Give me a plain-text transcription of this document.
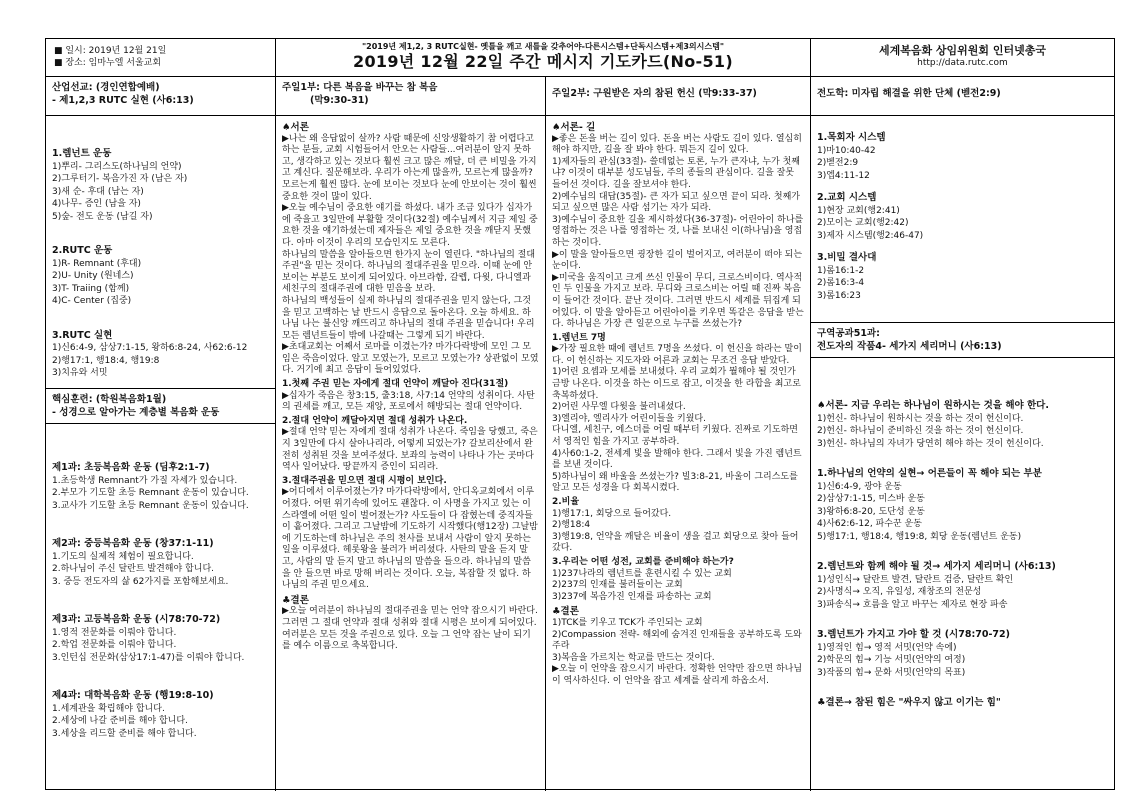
■ 일시: 2019년 12월 21일
■ 장소: 임마누엘 서울교회
"2019년 제1,2, 3 RUTC실현- 옛틀을 깨고 새틀을 갖추어야-다른시스템+단독시스템+제3의시스템"
2019년 12월 22일 주간 메시지 기도카드(No-51)
세계복음화 상임위원회 인터넷총국
http://data.rutc.com
산업선교: (경인연합예배)
- 제1,2,3 RUTC 실현 (사6:13)
주일1부: 다른 복음을 바꾸는 참 복음
(막9:30-31)
주일2부: 구원받은 자의 참된 헌신 (막9:33-37)	전도학: 미자립 해결을 위한 단체 (벧전2:9)
1.렘넌트 운동
1)뿌리- 그리스도(하나님의 언약)
2)그루터기- 복음가진 자 (남은 자)
3)새 순- 후대 (남는 자)
4)나무- 증인 (남을 자)
5)숲- 전도 운동 (남길 자)
2.RUTC 운동
1)R- Remnant (후대)
2)U- Unity (원네스)
3)T- Traiing (함께)
4)C- Center (집중)
3.RUTC 실현
1)신6:4-9, 삼상7:1-15, 왕하6:8-24, 사62:6-12
2)행17:1, 행18:4, 행19:8
3)치유와 서밋
핵심훈련: (학원복음화1월)
- 성경으로 알아가는 계층별 복음화 운동
제1과: 초등복음화 운동 (딤후2:1-7)
1.초등학생 Remnant가 가질 자세가 있습니다.
2.부모가 기도할 초등 Remnant 운동이 있습니다.
3.교사가 기도할 초등 Remnant 운동이 있습니다.
제2과: 중등복음화 운동 (창37:1-11)
1.기도의 실제적 체험이 필요합니다.
2.하나님이 주신 달란트 발견해야 합니다.
3. 중등 전도자의 삶 62가지를 포함해보세요.
제3과: 고등복음화 운동 (시78:70-72)
1.영적 전문화를 이뤄야 합니다.
2.학업 전문화를 이뤄야 합니다.
3.인턴십 전문화(삼상17:1-47)를 이뤄야 합니다.
제4과: 대학복음화 운동 (행19:8-10)
1.세계관을 확립해야 합니다.
2.세상에 나갈 준비를 해야 합니다.
3.세상을 리드할 준비를 해야 합니다.
♠서론
▶나는 왜 응답없이 살까? 사람 때문에 신앙생활하기 참 어렵다고 하는 분들, 교회 시험들어서 안오는 사람들...여러분이 알지 못하고, 생각하고 있는 것보다 훨씬 크고 많은 깨달, 더 큰 비밀을 가지고 계신다. 질문해보라. 우리가 아는게 많을까, 모르는게 많을까? 모르는게 훨씬 많다. 눈에 보이는 것보다 눈에 안보이는 것이 훨씬 중요한 것이 많이 있다.
▶오늘 예수님이 중요한 얘기를 하셨다. 내가 조금 있다가 십자가에 죽을고 3일만에 부활할 것이다(32절) 예수님께서 지금 제일 중요한 것을 얘기하셨는데 제자들은 제일 중요한 것을 깨닫지 못했다. 아마 이것이 우리의 모습인지도 모른다.
하나님의 말씀을 알아들으면 한가지 눈이 열린다. "하나님의 절대주권"을 믿는 것이다. 하나님의 절대주권을 믿으라. 이때 눈에 안보이는 부분도 보이게 되어있다. 아브라함, 갈렙, 다윗, 다니엘과 세친구의 절대주권에 대한 믿음을 보라.
하나님의 백성들이 실제 하나님의 절대주권을 믿지 않는다, 그것을 믿고 고백하는 날 반드시 응답으로 돌아온다. 오늘 하세요. 하나님 나는 불신앙 깨뜨리고 하나님의 절대 주권을 믿습니다! 우리 모든 렘넌트들이 밖에 나갈때는 그렇게 되기 바란다.
▶초대교회는 어째서 로마를 이겼는가? 마가다락방에 모인 그 모임은 죽음이었다. 알고 모였는가, 모르고 모였는가? 상관없이 모였다. 거기에 최고 응답이 들어있었다.
1.첫째 주권 믿는 자에게 절대 언약이 깨달아 진다(31절)
▶십자가 죽음은 창3:15, 출3:18, 사7:14 언약의 성취이다. 사탄의 권세를 깨고, 모든 재앙, 포로에서 해방되는 절대 언약이다.
2.절대 언약이 깨달아지면 절대 성취가 나온다.
▶절대 언약 믿는 자에게 절대 성취가 나온다. 죽임을 당했고, 죽은지 3일만에 다시 살아나리라, 어떻게 되었는가? 갈보리산에서 완전히 성취된 것을 보여주셨다. 보좌의 능력이 나타나 가는 곳마다 역사 일어났다. 땅끝까지 증인이 되리라.
3.절대주권을 믿으면 절대 시평이 보인다.
▶어디에서 이루어졌는가? 마가다락방에서, 안디옥교회에서 이루어졌다. 어떤 위기속에 있어도 괜찮다. 이 사명을 가지고 있는 이스라엘에 어떤 일이 벌어졌는가? 사도들이 다 잡혔는데 중직자들이 흩어졌다. 그리고 그날밤에 기도하기 시작했다(행12장) 그날밤에 기도하는데 하나님은 주의 천사를 보내서 사람이 알지 못하는 일을 이루셨다. 헤롯왕을 불러가 버리셨다. 사탄의 말을 듣지 말고, 사람의 말 듣지 말고 하나님의 말씀을 들으라. 하나님의 말씀을 안 들으면 바로 망해 버리는 것이다. 오늘, 복잡할 것 없다. 하나님의 주권 믿으세요.
♣결론
▶오늘 여러분이 하나님의 절대주권을 믿는 언약 잡으시기 바란다. 그러면 그 절대 언약과 절대 성취와 절대 시평은 보이게 되어있다. 여러분은 모든 것을 주권으로 있다. 오늘 그 언약 잡는 날이 되기를 예수 이름으로 축복합니다.
♠서론- 길
▶좋은 돈을 버는 길이 있다. 돈을 버는 사람도 길이 있다. 열심히 해야 하지만, 길을 잘 봐야 한다. 뭐든지 길이 있다.
1)제자들의 관심(33절)- 쓸데없는 토론, 누가 큰자냐, 누가 첫째냐? 이것이 대부분 성도님들, 주의 종들의 관심이다. 길을 잘못 들어선 것이다. 길을 잘보셔야 한다.
2)예수님의 대답(35절)- 큰 자가 되고 싶으면 끝이 되라. 첫째가 되고 싶으면 많은 사람 섬기는 자가 되라.
3)예수님이 중요한 길을 제시하셨다(36-37절)- 어린아이 하나를 영접하는 것은 나를 영접하는 것, 나를 보내신 이(하나님)을 영접하는 것이다.
▶이 말을 알아들으면 굉장한 길이 벌어지고, 여러분이 떠야 되는 눈이다.
▶미국을 움직이고 크게 쓰신 인물이 무디, 크로스비이다. 역사적인 두 인물을 가지고 보라. 무디와 크로스비는 어릴 때 진짜 복음이 들어간 것이다. 끝난 것이다. 그러면 반드시 세계를 뒤집게 되어있다. 이 말을 알아듣고 어린아이를 키우면 똑같은 응답을 받는다. 하나님은 가장 큰 일꾼으로 누구를 쓰셨는가?
1.렘넌트 7명
▶가장 필요한 때에 렘넌트 7명을 쓰셨다. 이 헌신을 하라는 말이다. 이 헌신하는 지도자와 어른과 교회는 무조건 응답 받았다.
1)어린 요셉과 모세를 보내셨다. 우리 교회가 뭘해야 될 것인가 금방 나온다. 이것을 하는 이드로 잡고, 이것을 한 라합을 최고로 축복하셨다.
2)어린 사무엘 다윗을 불러내셨다.
3)엘리야, 엘리사가 어린이들을 키웠다.
다니엘, 세친구, 에스더를 어릴 때부터 키웠다. 진짜로 기도하면서 영적인 힘을 가지고 공부하라.
4)사60:1-2, 전세계 빛을 발해야 한다. 그래서 빛을 가진 렘넌트를 보낸 것이다.
5)하나님이 왜 바울을 쓰셨는가? 빌3:8-21, 바울이 그리스도를 알고 모든 성경을 다 회복시켰다.
2.비율
1)행17:1, 회당으로 들어갔다.
2)행18:4
3)행19:8, 언약을 깨달은 비율이 생을 걸고 회당으로 찾아 들어갔다.
3.우리는 어떤 성전, 교회를 준비해야 하는가?
1)237나라의 렘넌트를 훈련시킬 수 있는 교회
2)237의 인재를 불러들이는 교회
3)237에 복음가진 인재를 파송하는 교회
♣결론
1)TCK를 키우고 TCK가 주인되는 교회
2)Compassion 전략- 해외에 숨겨진 인재들을 공부하도록 도와주라
3)복음을 가르치는 학교를 만드는 것이다.
▶오늘 이 언약을 잡으시기 바란다. 정확한 언약만 잡으면 하나님이 역사하신다. 이 언약을 잡고 세계를 살리게 하옵소서.
1.목회자 시스템
1)마10:40-42
2)벧전2:9
3)엡4:11-12
2.교회 시스템
1)현장 교회(행2:41)
2)모이는 교회(행2:42)
3)제자 시스템(행2:46-47)
3.비밀 결사대
1)롬16:1-2
2)롬16:3-4
3)롬16:23
구역공과51과:
전도자의 작품4- 세가지 세리머니 (사6:13)
♠서론- 지금 우리는 하나님이 원하시는 것을 해야 한다.
1)헌신- 하나님이 원하시는 것을 하는 것이 헌신이다.
2)헌신- 하나님이 준비하신 것을 하는 것이 헌신이다.
3)헌신- 하나님의 자녀가 당연히 해야 하는 것이 헌신이다.
1.하나님의 언약의 실현→ 어른들이 꼭 해야 되는 부분
1)신6:4-9, 광야 운동
2)삼상7:1-15, 미스바 운동
3)왕하6:8-20, 도단성 운동
4)사62:6-12, 파수꾼 운동
5)행17:1, 행18:4, 행19:8, 회당 운동(렘넌트 운동)
2.렘넌트와 함께 해야 될 것→ 세가지 세리머니 (사6:13)
1)성인식→ 달란트 발견, 달란트 검증, 달란트 확인
2)사명식→ 오직, 유일성, 재창조의 전문성
3)파송식→ 흐름을 알고 바꾸는 제자로 현장 파송
3.렘넌트가 가지고 가야 할 것 (시78:70-72)
1)영적인 힘→ 영적 서밋(언약 속에)
2)학문의 힘→ 기능 서밋(언약의 여정)
3)작품의 힘→ 문화 서밋(언약의 목표)
♣결론→ 참된 힘은 "싸우지 않고 이기는 힘"
